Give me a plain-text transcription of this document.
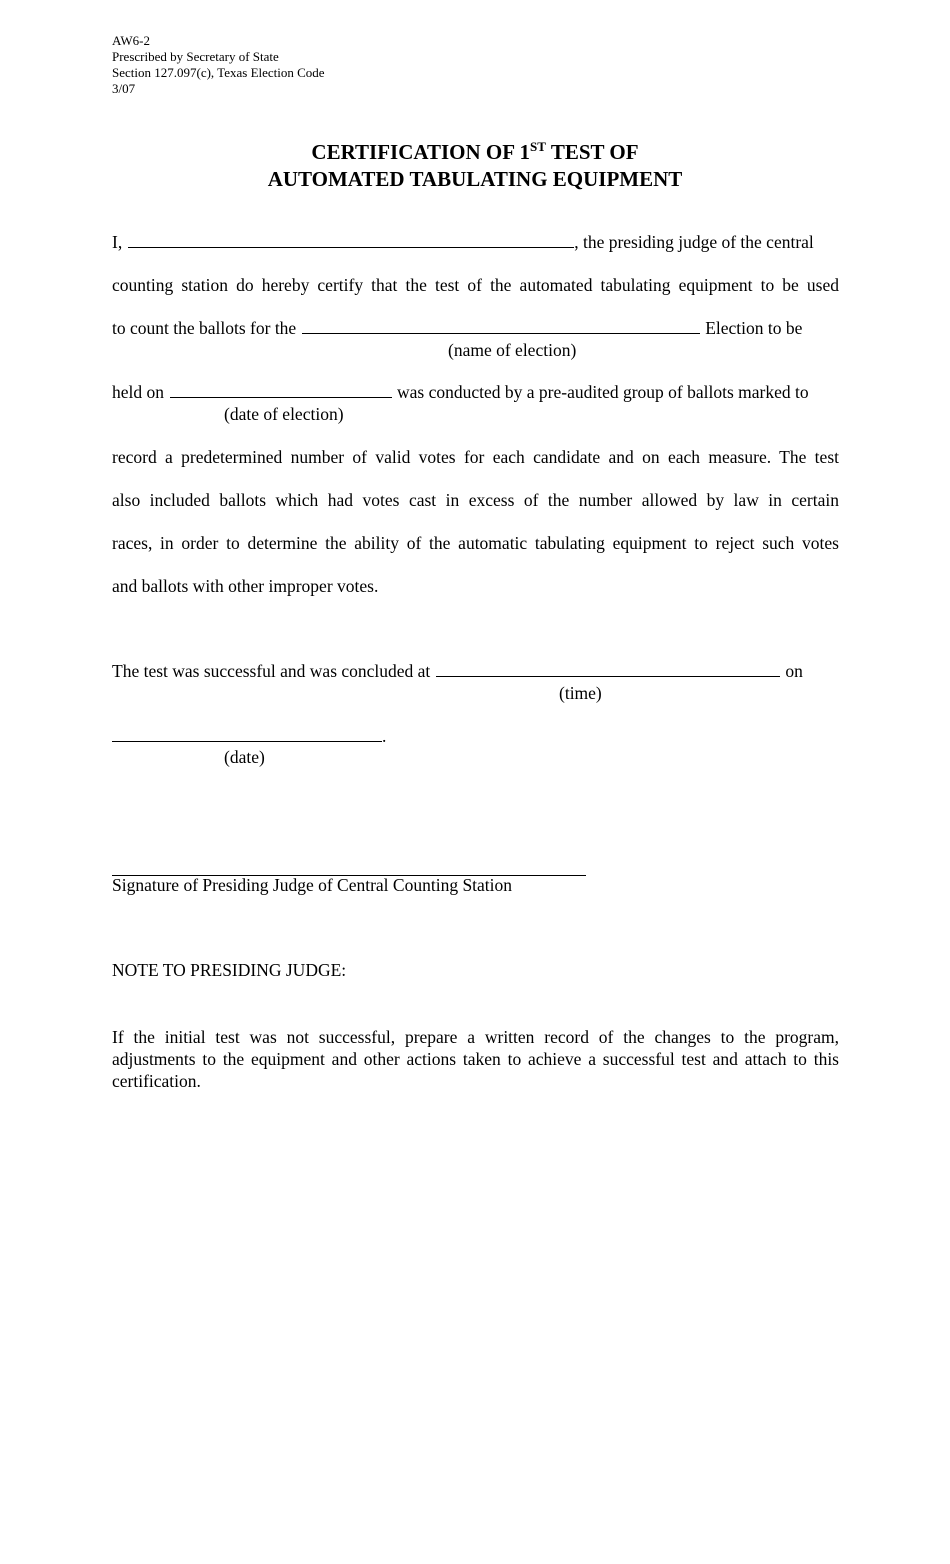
AW6-2
Prescribed by Secretary of State
Section 127.097(c), Texas Election Code
3/07
CERTIFICATION OF 1ST TEST OF
AUTOMATED TABULATING EQUIPMENT
I,	, the presiding judge of the central
counting station do hereby certify that the test of the automated tabulating equipment to be used
to count the ballots for the	Election to be
(name of election)
held on	was conducted by a pre-audited group of ballots marked to
(date of election)
record a predetermined number of valid votes for each candidate and on each measure. The test
also included ballots which had votes cast in excess of the number allowed by law in certain
races, in order to determine the ability of the automatic tabulating equipment to reject such votes
and ballots with other improper votes.
The test was successful and was concluded at	on
(time)
.
(date)
Signature of Presiding Judge of Central Counting Station
NOTE TO PRESIDING JUDGE:
If the initial test was not successful, prepare a written record of the changes to the program, adjustments to the equipment and other actions taken to achieve a successful test and attach to this certification.
